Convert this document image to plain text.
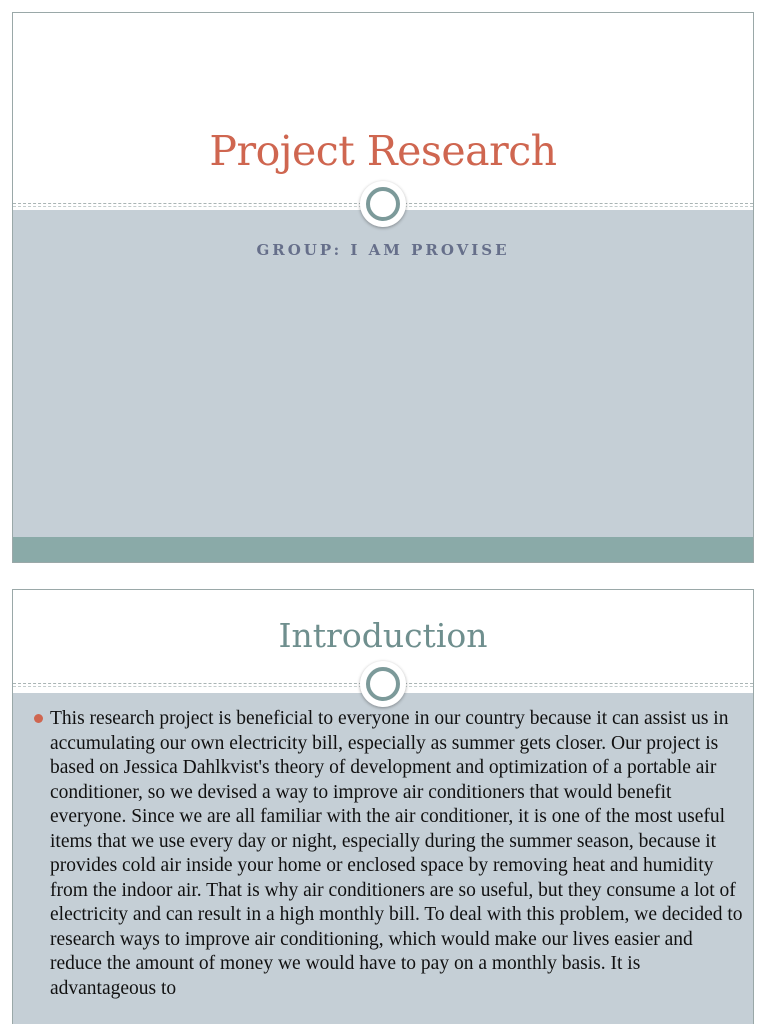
Project Research
GROUP: I AM PROVISE
Introduction

This research project is beneficial to everyone in our country because it can assist us in accumulating our own electricity bill, especially as summer gets closer. Our project is based on Jessica Dahlkvist's theory of development and optimization of a portable air conditioner, so we devised a way to improve air conditioners that would benefit everyone. Since we are all familiar with the air conditioner, it is one of the most useful items that we use every day or night, especially during the summer season, because it provides cold air inside your home or enclosed space by removing heat and humidity from the indoor air. That is why air conditioners are so useful, but they consume a lot of electricity and can result in a high monthly bill. To deal with this problem, we decided to research ways to improve air conditioning, which would make our lives easier and reduce the amount of money we would have to pay on a monthly basis. It is advantageous to
